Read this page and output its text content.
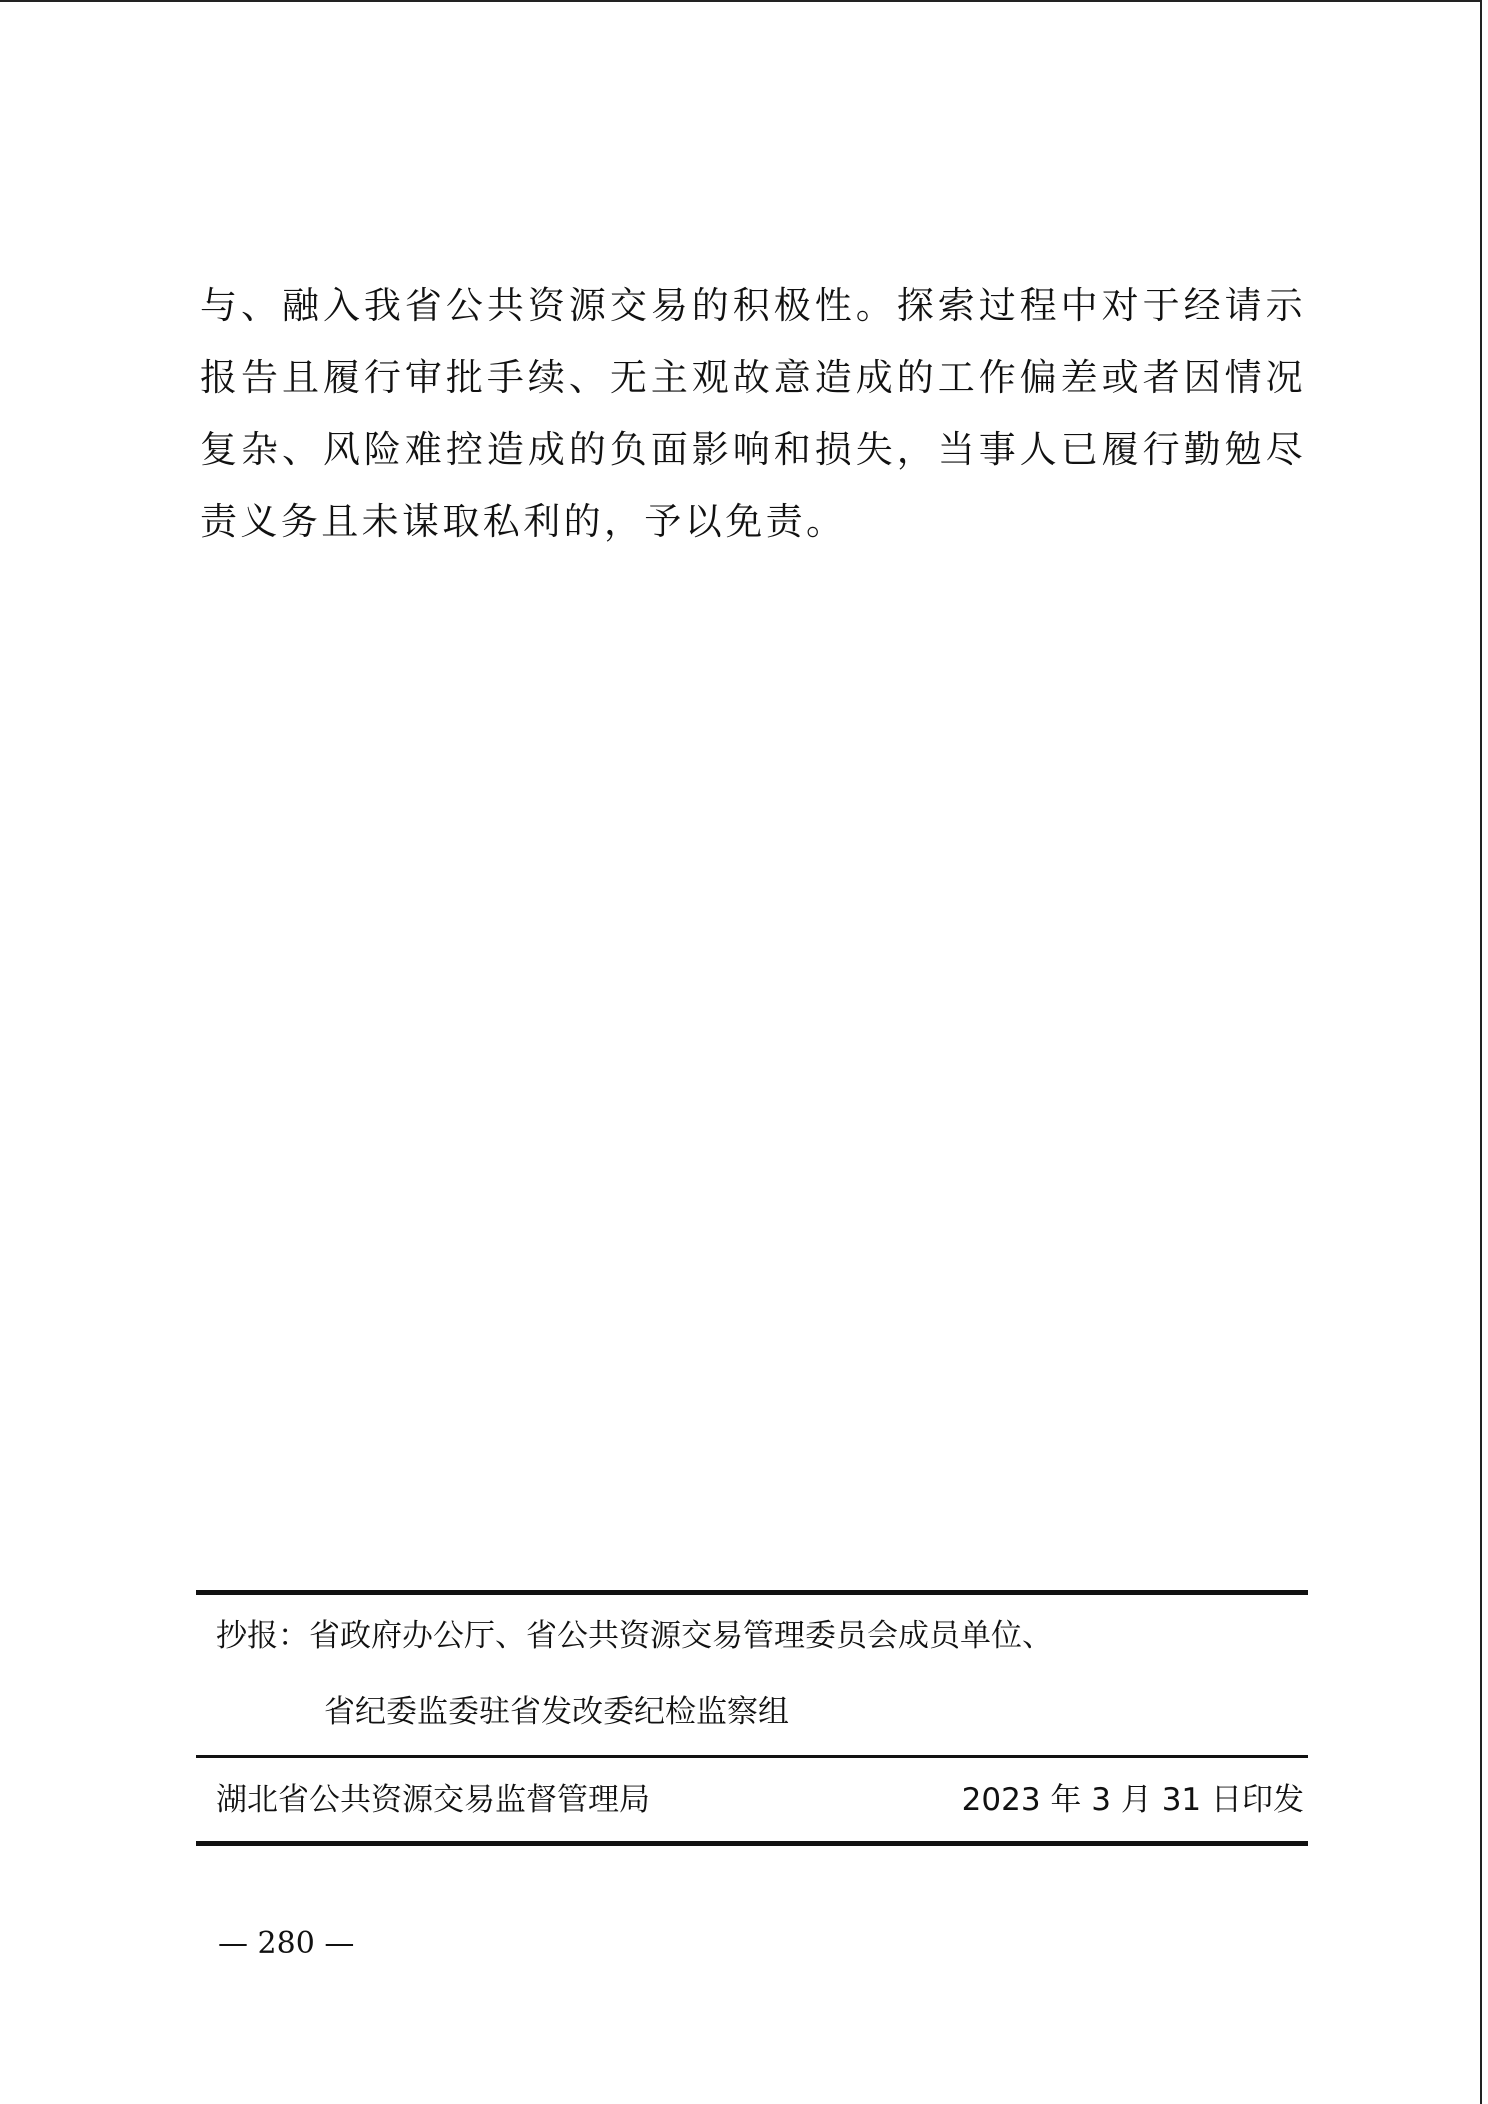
与、融入我省公共资源交易的积极性。探索过程中对于经请示报告且履行审批手续、无主观故意造成的工作偏差或者因情况复杂、风险难控造成的负面影响和损失，当事人已履行勤勉尽责义务且未谋取私利的，予以免责。

抄报：省政府办公厅、省公共资源交易管理委员会成员单位、
省纪委监委驻省发改委纪检监察组
湖北省公共资源交易监督管理局	2023 年 3 月 31 日印发
— 280 —
